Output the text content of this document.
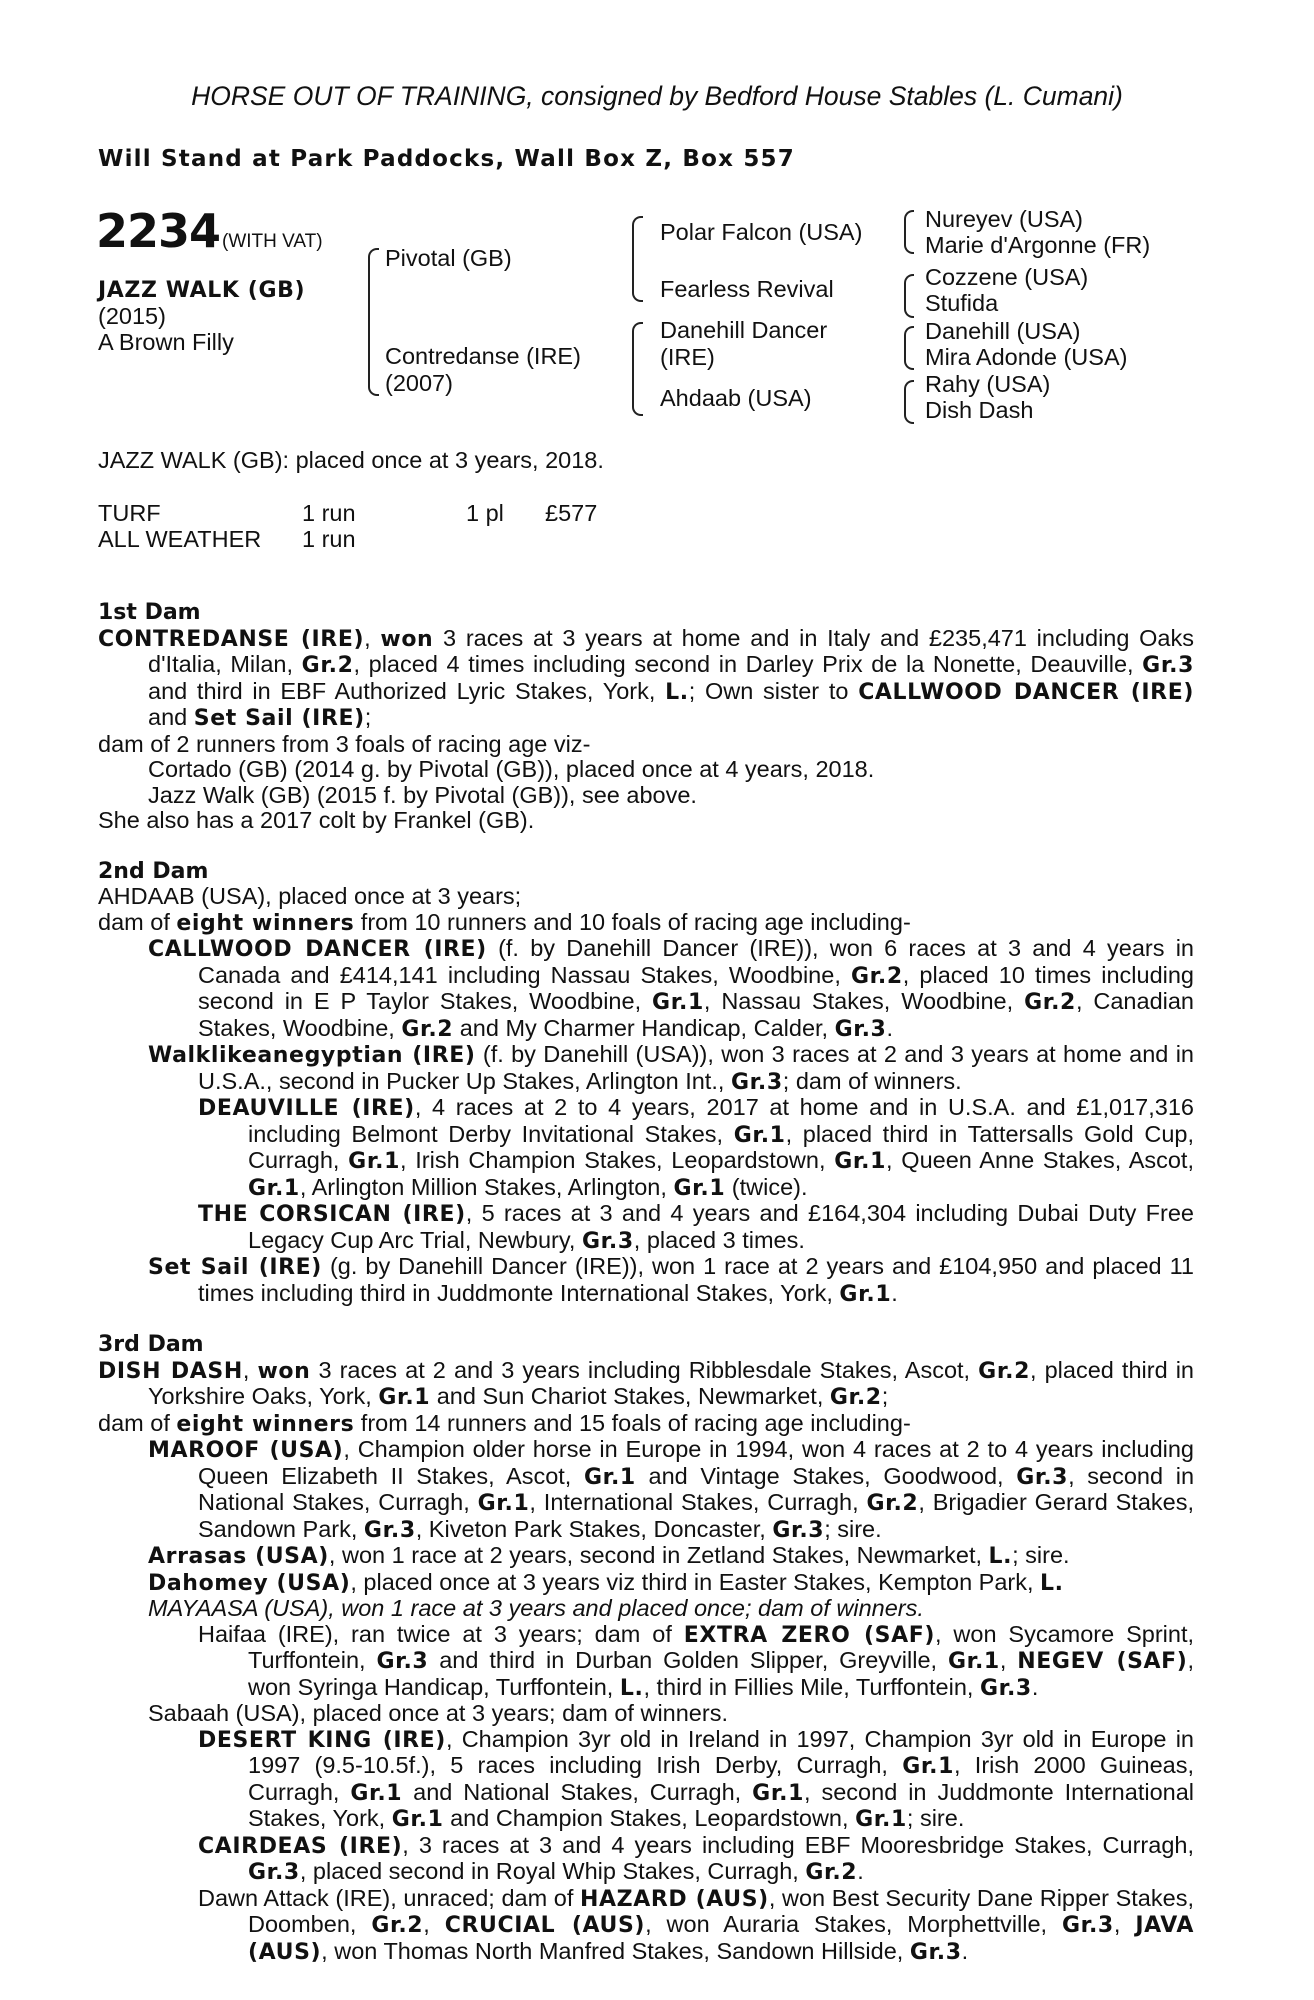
HORSE OUT OF TRAINING, consigned by Bedford House Stables (L. Cumani)
Will Stand at Park Paddocks, Wall Box Z, Box 557
2234 (WITH VAT)
JAZZ WALK (GB)
(2015)
A Brown Filly
Pivotal (GB)
Contredanse (IRE)
(2007)
Polar Falcon (USA)
Fearless Revival
Danehill Dancer
(IRE)
Ahdaab (USA)
Nureyev (USA)
Marie d'Argonne (FR)
Cozzene (USA)
Stufida
Danehill (USA)
Mira Adonde (USA)
Rahy (USA)
Dish Dash
JAZZ WALK (GB): placed once at 3 years, 2018.
TURF	1 run	1 pl £577
ALL WEATHER 1 run

1st Dam

CONTREDANSE (IRE), won 3 races at 3 years at home and in Italy and £235,471 including Oaks d'Italia, Milan, Gr.2, placed 4 times including second in Darley Prix de la Nonette, Deauville, Gr.3 and third in EBF Authorized Lyric Stakes, York, L.; Own sister to CALLWOOD DANCER (IRE) and Set Sail (IRE);

dam of 2 runners from 3 foals of racing age viz-

Cortado (GB) (2014 g. by Pivotal (GB)), placed once at 4 years, 2018.

Jazz Walk (GB) (2015 f. by Pivotal (GB)), see above.

She also has a 2017 colt by Frankel (GB).

2nd Dam

AHDAAB (USA), placed once at 3 years;

dam of eight winners from 10 runners and 10 foals of racing age including-

CALLWOOD DANCER (IRE) (f. by Danehill Dancer (IRE)), won 6 races at 3 and 4 years in Canada and £414,141 including Nassau Stakes, Woodbine, Gr.2, placed 10 times including second in E P Taylor Stakes, Woodbine, Gr.1, Nassau Stakes, Woodbine, Gr.2, Canadian Stakes, Woodbine, Gr.2 and My Charmer Handicap, Calder, Gr.3.

Walklikeanegyptian (IRE) (f. by Danehill (USA)), won 3 races at 2 and 3 years at home and in U.S.A., second in Pucker Up Stakes, Arlington Int., Gr.3; dam of winners.

DEAUVILLE (IRE), 4 races at 2 to 4 years, 2017 at home and in U.S.A. and £1,017,316 including Belmont Derby Invitational Stakes, Gr.1, placed third in Tattersalls Gold Cup, Curragh, Gr.1, Irish Champion Stakes, Leopardstown, Gr.1, Queen Anne Stakes, Ascot, Gr.1, Arlington Million Stakes, Arlington, Gr.1 (twice).

THE CORSICAN (IRE), 5 races at 3 and 4 years and £164,304 including Dubai Duty Free Legacy Cup Arc Trial, Newbury, Gr.3, placed 3 times.

Set Sail (IRE) (g. by Danehill Dancer (IRE)), won 1 race at 2 years and £104,950 and placed 11 times including third in Juddmonte International Stakes, York, Gr.1.

3rd Dam

DISH DASH, won 3 races at 2 and 3 years including Ribblesdale Stakes, Ascot, Gr.2, placed third in Yorkshire Oaks, York, Gr.1 and Sun Chariot Stakes, Newmarket, Gr.2;

dam of eight winners from 14 runners and 15 foals of racing age including-

MAROOF (USA), Champion older horse in Europe in 1994, won 4 races at 2 to 4 years including Queen Elizabeth II Stakes, Ascot, Gr.1 and Vintage Stakes, Goodwood, Gr.3, second in National Stakes, Curragh, Gr.1, International Stakes, Curragh, Gr.2, Brigadier Gerard Stakes, Sandown Park, Gr.3, Kiveton Park Stakes, Doncaster, Gr.3; sire.

Arrasas (USA), won 1 race at 2 years, second in Zetland Stakes, Newmarket, L.; sire.

Dahomey (USA), placed once at 3 years viz third in Easter Stakes, Kempton Park, L.

MAYAASA (USA), won 1 race at 3 years and placed once; dam of winners.

Haifaa (IRE), ran twice at 3 years; dam of EXTRA ZERO (SAF), won Sycamore Sprint, Turffontein, Gr.3 and third in Durban Golden Slipper, Greyville, Gr.1, NEGEV (SAF), won Syringa Handicap, Turffontein, L., third in Fillies Mile, Turffontein, Gr.3.

Sabaah (USA), placed once at 3 years; dam of winners.

DESERT KING (IRE), Champion 3yr old in Ireland in 1997, Champion 3yr old in Europe in 1997 (9.5-10.5f.), 5 races including Irish Derby, Curragh, Gr.1, Irish 2000 Guineas, Curragh, Gr.1 and National Stakes, Curragh, Gr.1, second in Juddmonte International Stakes, York, Gr.1 and Champion Stakes, Leopardstown, Gr.1; sire.

CAIRDEAS (IRE), 3 races at 3 and 4 years including EBF Mooresbridge Stakes, Curragh, Gr.3, placed second in Royal Whip Stakes, Curragh, Gr.2.

Dawn Attack (IRE), unraced; dam of HAZARD (AUS), won Best Security Dane Ripper Stakes, Doomben, Gr.2, CRUCIAL (AUS), won Auraria Stakes, Morphettville, Gr.3, JAVA (AUS), won Thomas North Manfred Stakes, Sandown Hillside, Gr.3.
